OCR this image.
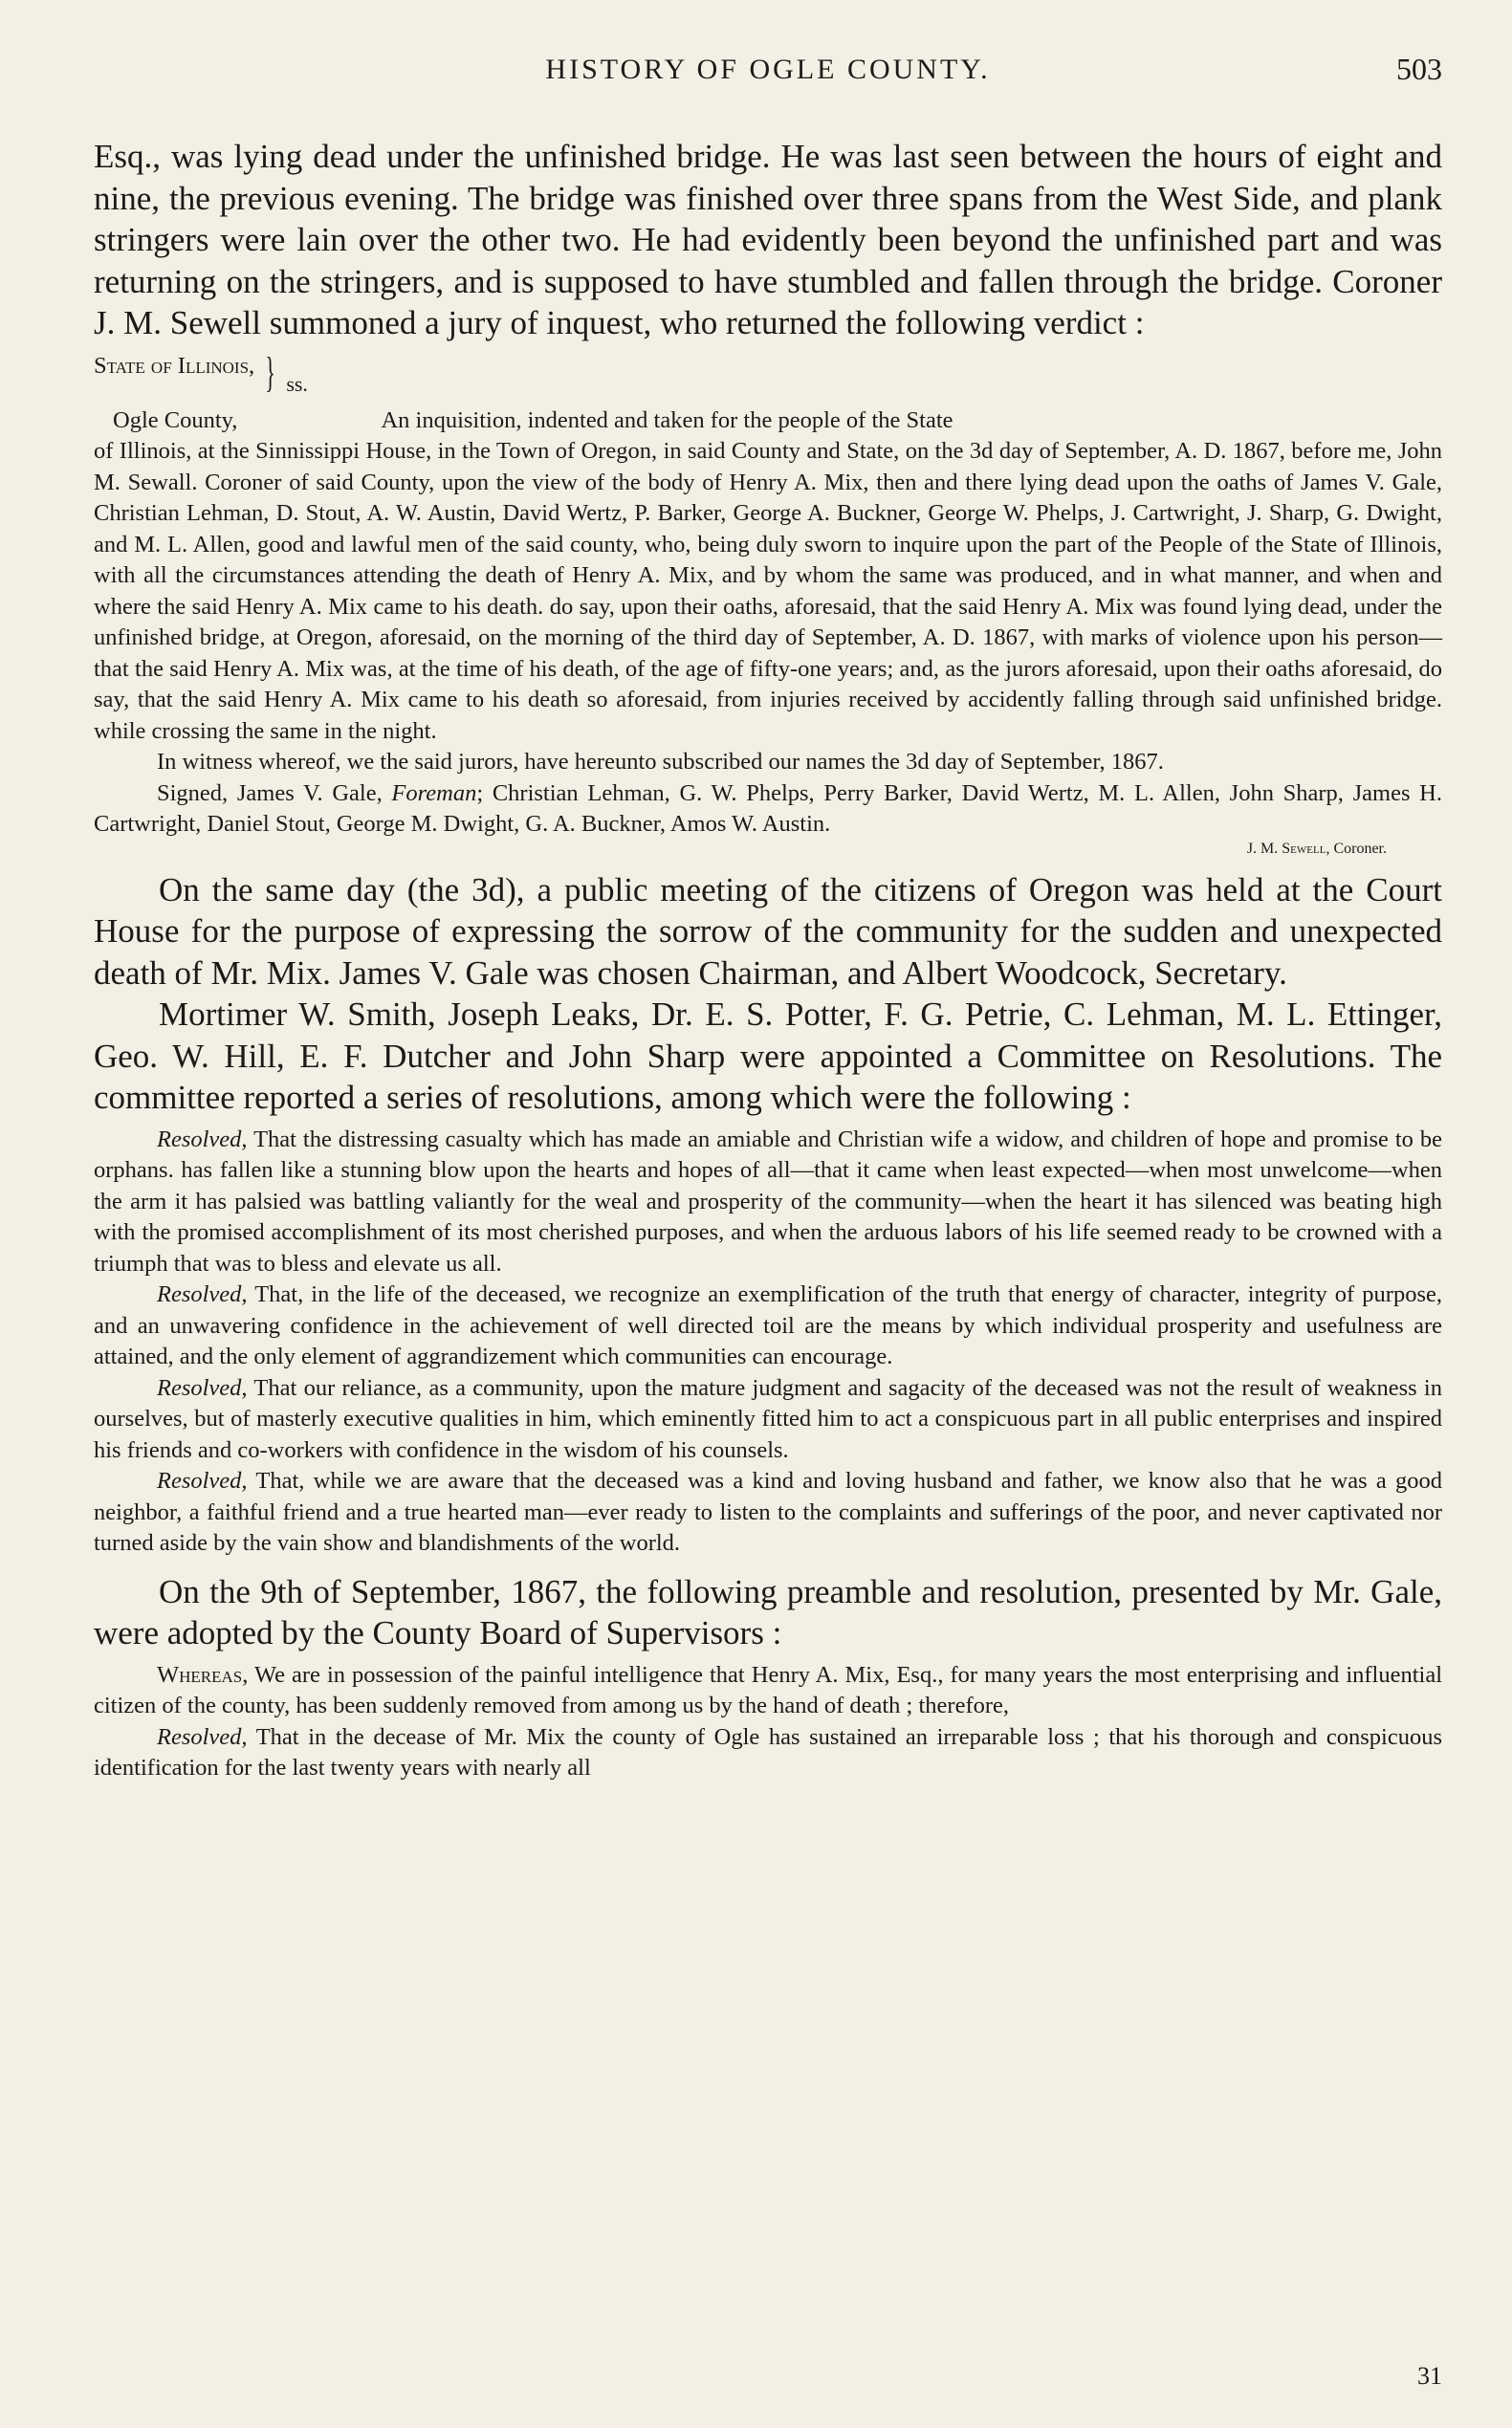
HISTORY OF OGLE COUNTY.	503

Esq., was lying dead under the unfinished bridge. He was last seen between the hours of eight and nine, the previous evening. The bridge was finished over three spans from the West Side, and plank stringers were lain over the other two. He had evidently been beyond the unfinished part and was returning on the stringers, and is supposed to have stumbled and fallen through the bridge. Coroner J. M. Sewell summoned a jury of inquest, who returned the following verdict :

State of Illinois, } ss.

Ogle County,	An inquisition, indented and taken for the people of the State

of Illinois, at the Sinnissippi House, in the Town of Oregon, in said County and State, on the 3d day of September, A. D. 1867, before me, John M. Sewall. Coroner of said County, upon the view of the body of Henry A. Mix, then and there lying dead upon the oaths of James V. Gale, Christian Lehman, D. Stout, A. W. Austin, David Wertz, P. Barker, George A. Buckner, George W. Phelps, J. Cartwright, J. Sharp, G. Dwight, and M. L. Allen, good and lawful men of the said county, who, being duly sworn to inquire upon the part of the People of the State of Illinois, with all the circumstances attending the death of Henry A. Mix, and by whom the same was produced, and in what manner, and when and where the said Henry A. Mix came to his death. do say, upon their oaths, aforesaid, that the said Henry A. Mix was found lying dead, under the unfinished bridge, at Oregon, aforesaid, on the morning of the third day of September, A. D. 1867, with marks of violence upon his person—that the said Henry A. Mix was, at the time of his death, of the age of fifty-one years; and, as the jurors aforesaid, upon their oaths aforesaid, do say, that the said Henry A. Mix came to his death so aforesaid, from injuries received by accidently falling through said unfinished bridge. while crossing the same in the night.

In witness whereof, we the said jurors, have hereunto subscribed our names the 3d day of September, 1867.

Signed, James V. Gale, Foreman; Christian Lehman, G. W. Phelps, Perry Barker, David Wertz, M. L. Allen, John Sharp, James H. Cartwright, Daniel Stout, George M. Dwight, G. A. Buckner, Amos W. Austin.

J. M. Sewell, Coroner.

On the same day (the 3d), a public meeting of the citizens of Oregon was held at the Court House for the purpose of expressing the sorrow of the community for the sudden and unexpected death of Mr. Mix. James V. Gale was chosen Chairman, and Albert Woodcock, Secretary.

Mortimer W. Smith, Joseph Leaks, Dr. E. S. Potter, F. G. Petrie, C. Lehman, M. L. Ettinger, Geo. W. Hill, E. F. Dutcher and John Sharp were appointed a Committee on Resolutions. The committee reported a series of resolutions, among which were the following :

Resolved, That the distressing casualty which has made an amiable and Christian wife a widow, and children of hope and promise to be orphans. has fallen like a stunning blow upon the hearts and hopes of all—that it came when least expected—when most unwelcome—when the arm it has palsied was battling valiantly for the weal and prosperity of the community—when the heart it has silenced was beating high with the promised accomplishment of its most cherished purposes, and when the arduous labors of his life seemed ready to be crowned with a triumph that was to bless and elevate us all.

Resolved, That, in the life of the deceased, we recognize an exemplification of the truth that energy of character, integrity of purpose, and an unwavering confidence in the achievement of well directed toil are the means by which individual prosperity and usefulness are attained, and the only element of aggrandizement which communities can encourage.

Resolved, That our reliance, as a community, upon the mature judgment and sagacity of the deceased was not the result of weakness in ourselves, but of masterly executive qualities in him, which eminently fitted him to act a conspicuous part in all public enterprises and inspired his friends and co-workers with confidence in the wisdom of his counsels.

Resolved, That, while we are aware that the deceased was a kind and loving husband and father, we know also that he was a good neighbor, a faithful friend and a true hearted man—ever ready to listen to the complaints and sufferings of the poor, and never captivated nor turned aside by the vain show and blandishments of the world.

On the 9th of September, 1867, the following preamble and resolution, presented by Mr. Gale, were adopted by the County Board of Supervisors :

Whereas, We are in possession of the painful intelligence that Henry A. Mix, Esq., for many years the most enterprising and influential citizen of the county, has been suddenly removed from among us by the hand of death ; therefore,

Resolved, That in the decease of Mr. Mix the county of Ogle has sustained an irreparable loss ; that his thorough and conspicuous identification for the last twenty years with nearly all

31
